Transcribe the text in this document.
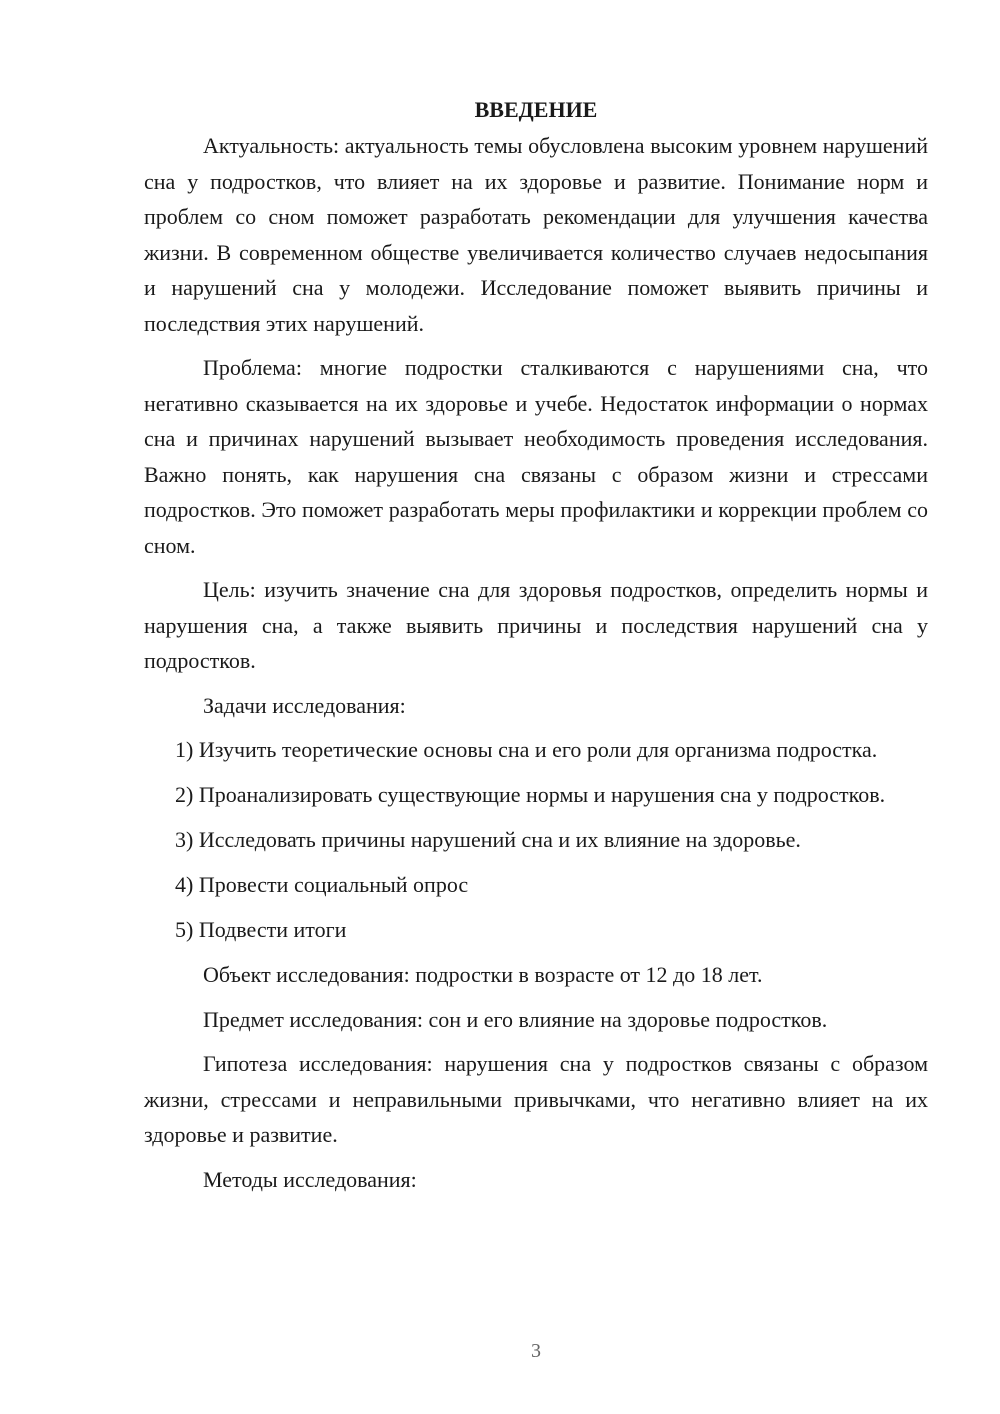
ВВЕДЕНИЕ

Актуальность: актуальность темы обусловлена высоким уровнем нарушений сна у подростков, что влияет на их здоровье и развитие. Понимание норм и проблем со сном поможет разработать рекомендации для улучшения качества жизни. В современном обществе увеличивается количество случаев недосыпания и нарушений сна у молодежи. Исследование поможет выявить причины и последствия этих нарушений.

Проблема: многие подростки сталкиваются с нарушениями сна, что негативно сказывается на их здоровье и учебе. Недостаток информации о нормах сна и причинах нарушений вызывает необходимость проведения исследования. Важно понять, как нарушения сна связаны с образом жизни и стрессами подростков. Это поможет разработать меры профилактики и коррекции проблем со сном.

Цель: изучить значение сна для здоровья подростков, определить нормы и нарушения сна, а также выявить причины и последствия нарушений сна у подростков.

Задачи исследования:

1) Изучить теоретические основы сна и его роли для организма подростка.

2) Проанализировать существующие нормы и нарушения сна у подростков.

3) Исследовать причины нарушений сна и их влияние на здоровье.

4) Провести социальный опрос

5) Подвести итоги

Объект исследования: подростки в возрасте от 12 до 18 лет.

Предмет исследования: сон и его влияние на здоровье подростков.

Гипотеза исследования: нарушения сна у подростков связаны с образом жизни, стрессами и неправильными привычками, что негативно влияет на их здоровье и развитие.

Методы исследования:

3
